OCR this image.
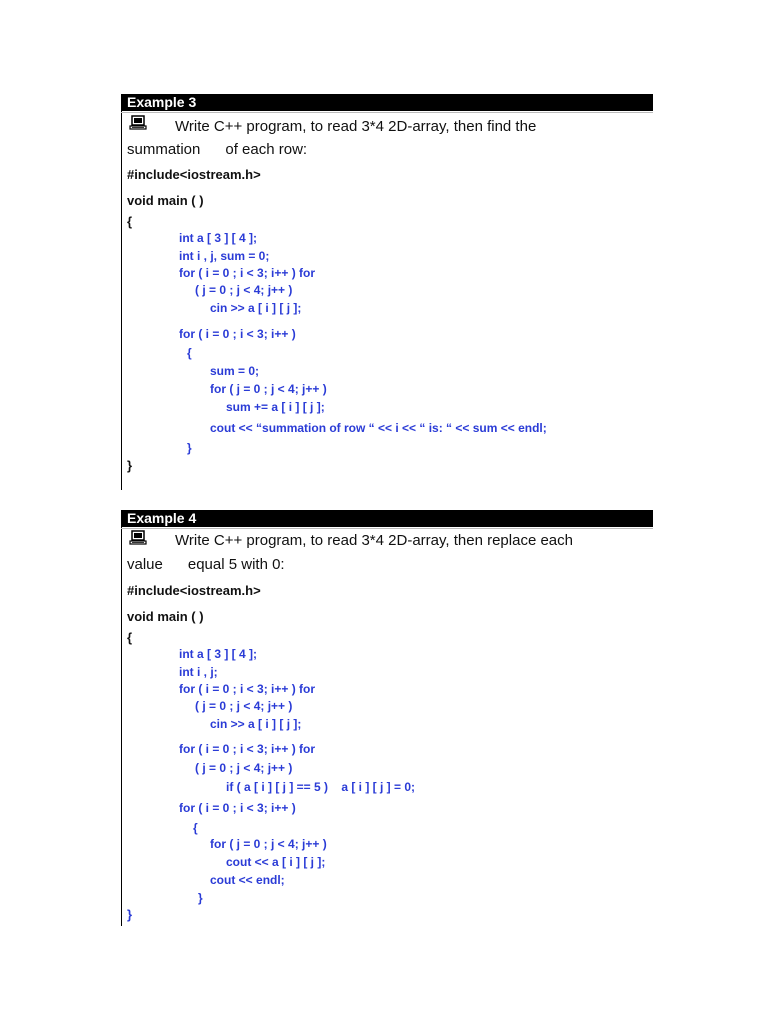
Example 3
Write C++ program, to read 3*4 2D-array, then find the
summation      of each row:
#include<iostream.h>
void main ( )
{
int a [ 3 ] [ 4 ];
int i , j, sum = 0;
for ( i = 0 ; i < 3; i++ ) for
( j = 0 ; j < 4; j++ )
cin >> a [ i ] [ j ];
for ( i = 0 ; i < 3; i++ )
{
sum = 0;
for ( j = 0 ; j < 4; j++ )
sum += a [ i ] [ j ];
cout << “summation of row “ << i << “ is: “ << sum << endl;
}
}
Example 4
Write C++ program, to read 3*4 2D-array, then replace each
value      equal 5 with 0:
#include<iostream.h>
void main ( )
{
int a [ 3 ] [ 4 ];
int i , j;
for ( i = 0 ; i < 3; i++ ) for
( j = 0 ; j < 4; j++ )
cin >> a [ i ] [ j ];
for ( i = 0 ; i < 3; i++ ) for
( j = 0 ; j < 4; j++ )
if ( a [ i ] [ j ] == 5 )    a [ i ] [ j ] = 0;
for ( i = 0 ; i < 3; i++ )
{
for ( j = 0 ; j < 4; j++ )
cout << a [ i ] [ j ];
cout << endl;
}
}
